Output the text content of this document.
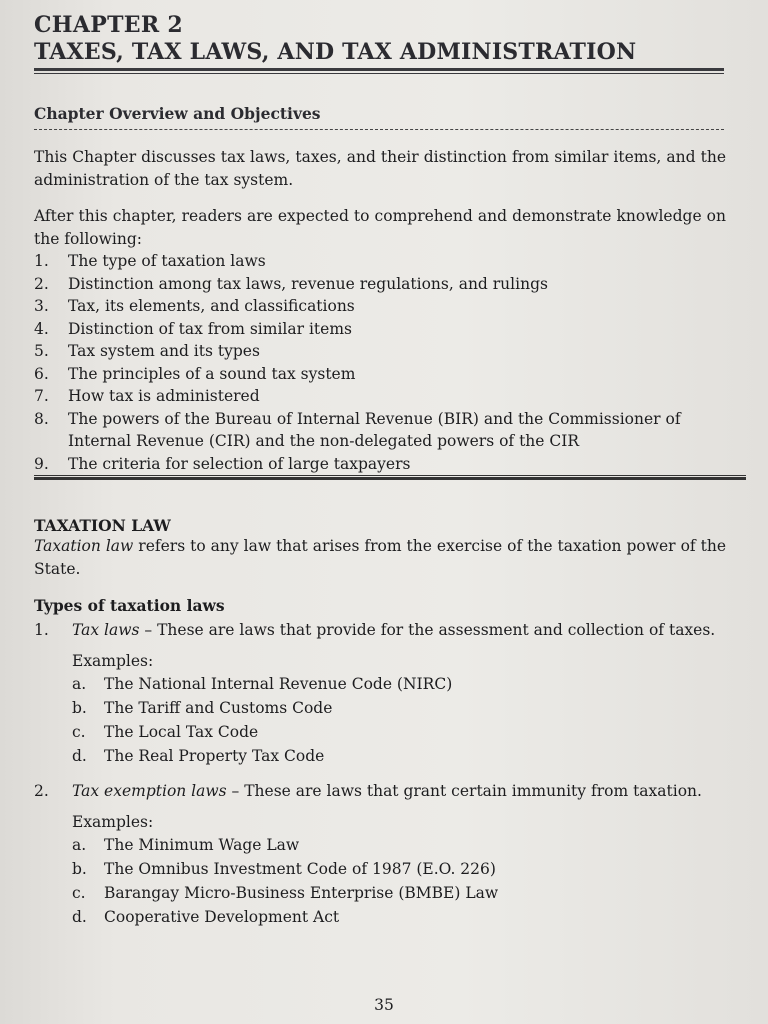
CHAPTER 2
TAXES, TAX LAWS, AND TAX ADMINISTRATION
Chapter Overview and Objectives

This Chapter discusses tax laws, taxes, and their distinction from similar items, and the administration of the tax system.

After this chapter, readers are expected to comprehend and demonstrate knowledge on the following:

1. The type of taxation laws
2. Distinction among tax laws, revenue regulations, and rulings
3. Tax, its elements, and classifications
4. Distinction of tax from similar items
5. Tax system and its types
6. The principles of a sound tax system
7. How tax is administered
8. The powers of the Bureau of Internal Revenue (BIR) and the Commissioner of Internal Revenue (CIR) and the non-delegated powers of the CIR
9. The criteria for selection of large taxpayers
TAXATION LAW

Taxation law refers to any law that arises from the exercise of the taxation power of the State.

Types of taxation laws
1. Tax laws – These are laws that provide for the assessment and collection of taxes.

Examples:
a. The National Internal Revenue Code (NIRC)
b. The Tariff and Customs Code
c. The Local Tax Code
d. The Real Property Tax Code
2. Tax exemption laws – These are laws that grant certain immunity from taxation.

Examples:
a. The Minimum Wage Law
b. The Omnibus Investment Code of 1987 (E.O. 226)
c. Barangay Micro-Business Enterprise (BMBE) Law
d. Cooperative Development Act
35
